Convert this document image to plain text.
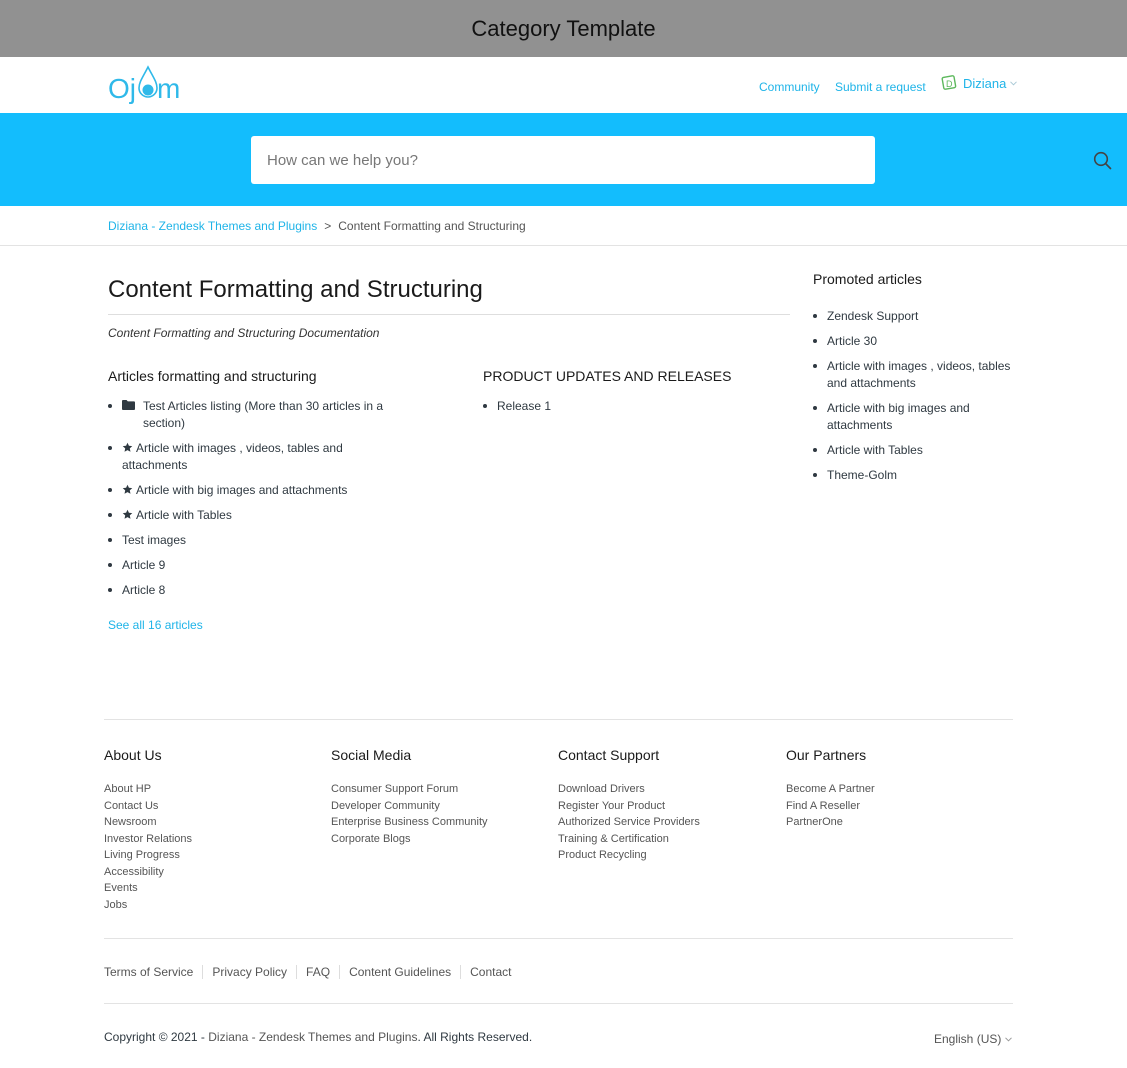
Category Template
Oj m	Community Submit a request D Diziana
How can we help you?
Diziana - Zendesk Themes and Plugins > Content Formatting and Structuring
Content Formatting and Structuring

Content Formatting and Structuring Documentation

Articles formatting and structuring
Test Articles listing (More than 30 articles in a section)
Article with images , videos, tables and attachments
Article with big images and attachments
Article with Tables
Test images
Article 9
Article 8
See all 16 articles
PRODUCT UPDATES AND RELEASES
Release 1
Promoted articles
Zendesk Support
Article 30
Article with images , videos, tables and attachments
Article with big images and attachments
Article with Tables
Theme-Golm
About Us
About HP
Contact Us
Newsroom
Investor Relations
Living Progress
Accessibility
Events
Jobs
Social Media
Consumer Support Forum
Developer Community
Enterprise Business Community
Corporate Blogs
Contact Support
Download Drivers
Register Your Product
Authorized Service Providers
Training & Certification
Product Recycling
Our Partners
Become A Partner
Find A Reseller
PartnerOne
Terms of Service	Privacy Policy	FAQ	Content Guidelines	Contact
Copyright © 2021 - Diziana - Zendesk Themes and Plugins. All Rights Reserved.	English (US)
